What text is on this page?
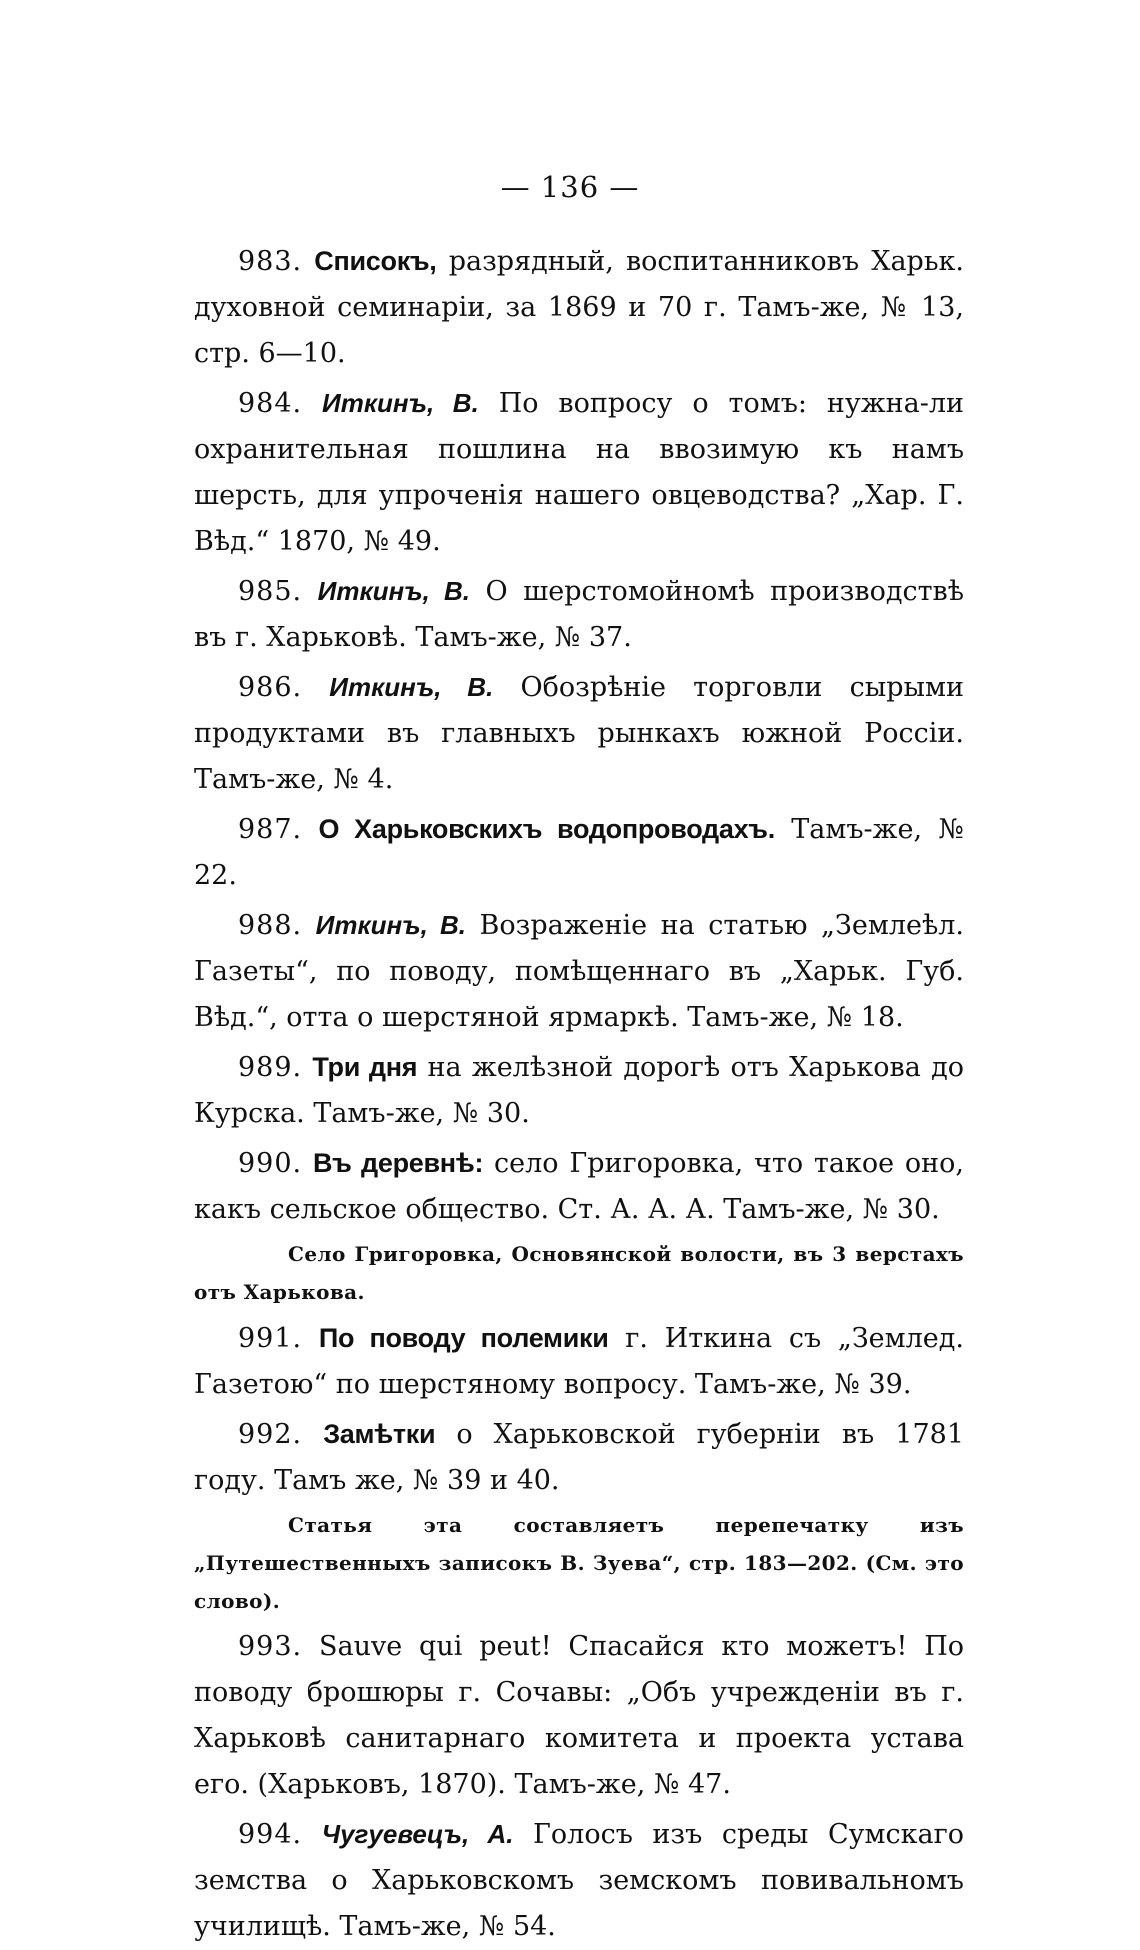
— 136 —

983. Списокъ, разрядный, воспитанниковъ Харьк. духовной семинаріи, за 1869 и 70 г. Тамъ-же, № 13, стр. 6—10.

984. Иткинъ, В. По вопросу о томъ: нужна-ли охранительная пошлина на ввозимую къ намъ шерсть, для упроченія нашего овцеводства? „Хар. Г. Вѣд.“ 1870, № 49.

985. Иткинъ, В. О шерстомойномѣ производствѣ въ г. Харьковѣ. Тамъ-же, № 37.

986. Иткинъ, В. Обозрѣніе торговли сырыми продуктами въ главныхъ рынкахъ южной Россіи. Тамъ-же, № 4.

987. О Харьковскихъ водопроводахъ. Тамъ-же, № 22.

988. Иткинъ, В. Возраженіе на статью „Землеѣл. Газеты“, по поводу, помѣщеннаго въ „Харьк. Губ. Вѣд.“, отта о шерстяной ярмаркѣ. Тамъ-же, № 18.

989. Три дня на желѣзной дорогѣ отъ Харькова до Курска. Тамъ-же, № 30.

990. Въ деревнѣ: село Григоровка, что такое оно, какъ сельское общество. Ст. А. А. А. Тамъ-же, № 30.

Село Григоровка, Основянской волости, въ 3 верстахъ отъ Харькова.

991. По поводу полемики г. Иткина съ „Землед. Газетою“ по шерстяному вопросу. Тамъ-же, № 39.

992. Замѣтки о Харьковской губерніи въ 1781 году. Тамъ же, № 39 и 40.

Статья эта составляетъ перепечатку изъ „Путешественныхъ записокъ В. Зуева“, стр. 183—202. (См. это слово).

993. Sauve qui peut! Спасайся кто можетъ! По поводу брошюры г. Сочавы: „Объ учрежденіи въ г. Харьковѣ санитарнаго комитета и проекта устава его. (Харьковъ, 1870). Тамъ-же, № 47.

994. Чугуевецъ, А. Голосъ изъ среды Сумскаго земства о Харьковскомъ земскомъ повивальномъ училищѣ. Тамъ-же, № 54.
